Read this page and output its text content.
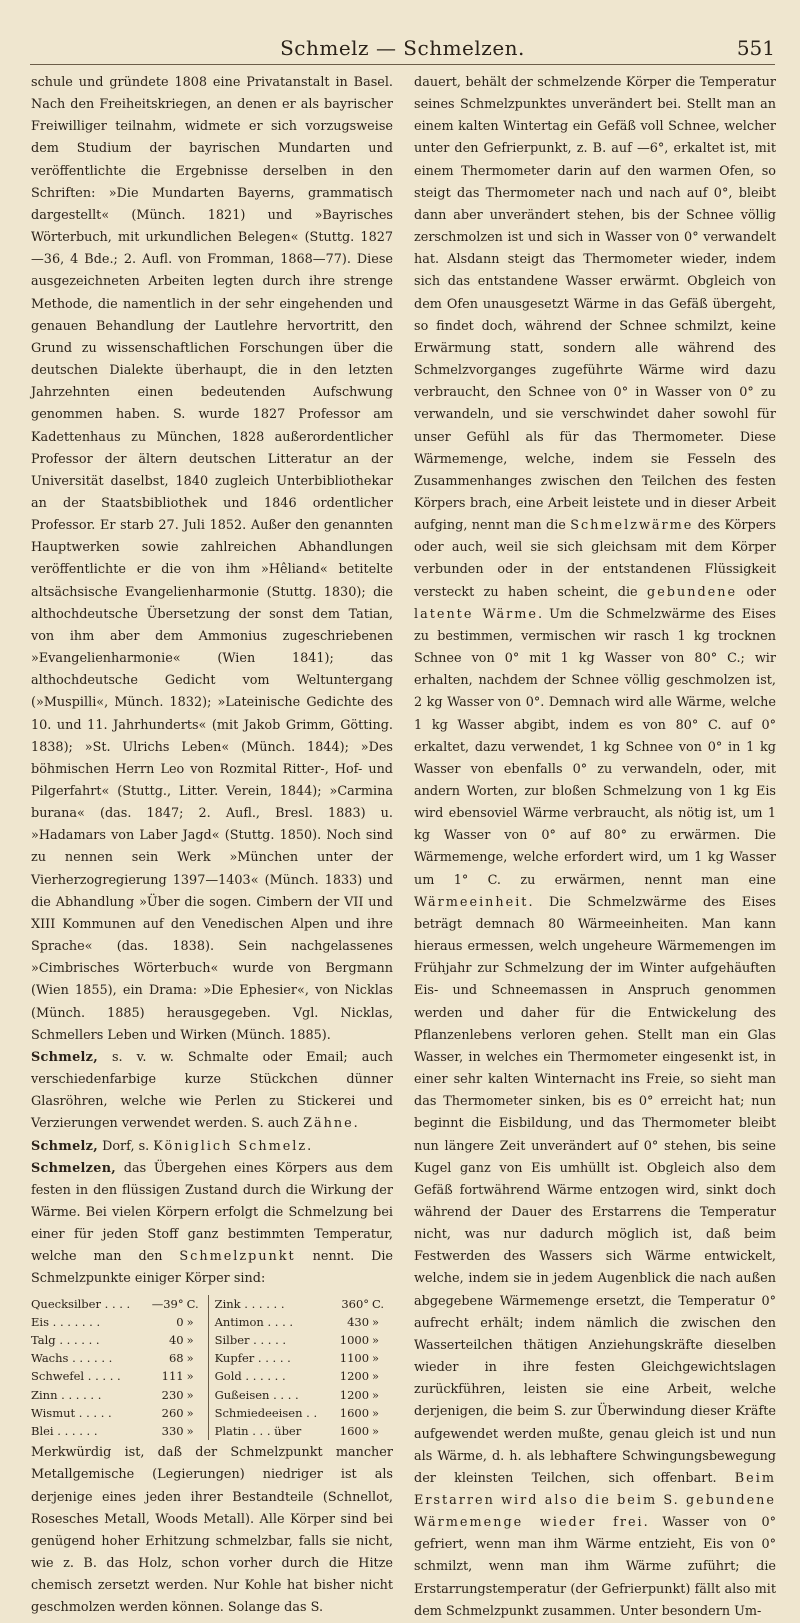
Schmelz — Schmelzen.	551

schule und gründete 1808 eine Privatanstalt in Basel. Nach den Freiheitskriegen, an denen er als bayrischer Freiwilliger teilnahm, widmete er sich vorzugsweise dem Studium der bayrischen Mundarten und veröffentlichte die Ergebnisse derselben in den Schriften: »Die Mundarten Bayerns, grammatisch dargestellt« (Münch. 1821) und »Bayrisches Wörterbuch, mit urkundlichen Belegen« (Stuttg. 1827—36, 4 Bde.; 2. Aufl. von Fromman, 1868—77). Diese ausgezeichneten Arbeiten legten durch ihre strenge Methode, die namentlich in der sehr eingehenden und genauen Behandlung der Lautlehre hervortritt, den Grund zu wissenschaftlichen Forschungen über die deutschen Dialekte überhaupt, die in den letzten Jahrzehnten einen bedeutenden Aufschwung genommen haben. S. wurde 1827 Professor am Kadettenhaus zu München, 1828 außerordentlicher Professor der ältern deutschen Litteratur an der Universität daselbst, 1840 zugleich Unterbibliothekar an der Staatsbibliothek und 1846 ordentlicher Professor. Er starb 27. Juli 1852. Außer den genannten Hauptwerken sowie zahlreichen Abhandlungen veröffentlichte er die von ihm »Hêliand« betitelte altsächsische Evangelienharmonie (Stuttg. 1830); die althochdeutsche Übersetzung der sonst dem Tatian, von ihm aber dem Ammonius zugeschriebenen »Evangelienharmonie« (Wien 1841); das althochdeutsche Gedicht vom Weltuntergang (»Muspilli«, Münch. 1832); »Lateinische Gedichte des 10. und 11. Jahrhunderts« (mit Jakob Grimm, Götting. 1838); »St. Ulrichs Leben« (Münch. 1844); »Des böhmischen Herrn Leo von Rozmital Ritter-, Hof- und Pilgerfahrt« (Stuttg., Litter. Verein, 1844); »Carmina burana« (das. 1847; 2. Aufl., Bresl. 1883) u. »Hadamars von Laber Jagd« (Stuttg. 1850). Noch sind zu nennen sein Werk »München unter der Vierherzogregierung 1397—1403« (Münch. 1833) und die Abhandlung »Über die sogen. Cimbern der VII und XIII Kommunen auf den Venedischen Alpen und ihre Sprache« (das. 1838). Sein nachgelassenes »Cimbrisches Wörterbuch« wurde von Bergmann (Wien 1855), ein Drama: »Die Ephesier«, von Nicklas (Münch. 1885) herausgegeben. Vgl. Nicklas, Schmellers Leben und Wirken (Münch. 1885).

Schmelz, s. v. w. Schmalte oder Email; auch verschiedenfarbige kurze Stückchen dünner Glasröhren, welche wie Perlen zu Stickerei und Verzierungen verwendet werden. S. auch Zähne.

Schmelz, Dorf, s. Königlich Schmelz.

Schmelzen, das Übergehen eines Körpers aus dem festen in den flüssigen Zustand durch die Wirkung der Wärme. Bei vielen Körpern erfolgt die Schmelzung bei einer für jeden Stoff ganz bestimmten Temperatur, welche man den Schmelzpunkt nennt. Die Schmelzpunkte einiger Körper sind:

Quecksilber . . . .	—39°	C.	Zink . . . . . .	360°	C.
Eis . . . . . . .	0	»	Antimon . . . .	430	»
Talg . . . . . .	40	»	Silber . . . . .	1000	»
Wachs . . . . . .	68	»	Kupfer . . . . .	1100	»
Schwefel . . . . .	111	»	Gold . . . . . .	1200	»
Zinn . . . . . .	230	»	Gußeisen . . . .	1200	»
Wismut . . . . .	260	»	Schmiedeeisen . .	1600	»
Blei . . . . . .	330	»	Platin . . . über	1600	»

Merkwürdig ist, daß der Schmelzpunkt mancher Metallgemische (Legierungen) niedriger ist als derjenige eines jeden ihrer Bestandteile (Schnellot, Rosesches Metall, Woods Metall). Alle Körper sind bei genügend hoher Erhitzung schmelzbar, falls sie nicht, wie z. B. das Holz, schon vorher durch die Hitze chemisch zersetzt werden. Nur Kohle hat bisher nicht geschmolzen werden können. Solange das S.

dauert, behält der schmelzende Körper die Temperatur seines Schmelzpunktes unverändert bei. Stellt man an einem kalten Wintertag ein Gefäß voll Schnee, welcher unter den Gefrierpunkt, z. B. auf —6°, erkaltet ist, mit einem Thermometer darin auf den warmen Ofen, so steigt das Thermometer nach und nach auf 0°, bleibt dann aber unverändert stehen, bis der Schnee völlig zerschmolzen ist und sich in Wasser von 0° verwandelt hat. Alsdann steigt das Thermometer wieder, indem sich das entstandene Wasser erwärmt. Obgleich von dem Ofen unausgesetzt Wärme in das Gefäß übergeht, so findet doch, während der Schnee schmilzt, keine Erwärmung statt, sondern alle während des Schmelzvorganges zugeführte Wärme wird dazu verbraucht, den Schnee von 0° in Wasser von 0° zu verwandeln, und sie verschwindet daher sowohl für unser Gefühl als für das Thermometer. Diese Wärmemenge, welche, indem sie Fesseln des Zusammenhanges zwischen den Teilchen des festen Körpers brach, eine Arbeit leistete und in dieser Arbeit aufging, nennt man die Schmelzwärme des Körpers oder auch, weil sie sich gleichsam mit dem Körper verbunden oder in der entstandenen Flüssigkeit versteckt zu haben scheint, die gebundene oder latente Wärme. Um die Schmelzwärme des Eises zu bestimmen, vermischen wir rasch 1 kg trocknen Schnee von 0° mit 1 kg Wasser von 80° C.; wir erhalten, nachdem der Schnee völlig geschmolzen ist, 2 kg Wasser von 0°. Demnach wird alle Wärme, welche 1 kg Wasser abgibt, indem es von 80° C. auf 0° erkaltet, dazu verwendet, 1 kg Schnee von 0° in 1 kg Wasser von ebenfalls 0° zu verwandeln, oder, mit andern Worten, zur bloßen Schmelzung von 1 kg Eis wird ebensoviel Wärme verbraucht, als nötig ist, um 1 kg Wasser von 0° auf 80° zu erwärmen. Die Wärmemenge, welche erfordert wird, um 1 kg Wasser um 1° C. zu erwärmen, nennt man eine Wärmeeinheit. Die Schmelzwärme des Eises beträgt demnach 80 Wärmeeinheiten. Man kann hieraus ermessen, welch ungeheure Wärmemengen im Frühjahr zur Schmelzung der im Winter aufgehäuften Eis- und Schneemassen in Anspruch genommen werden und daher für die Entwickelung des Pflanzenlebens verloren gehen. Stellt man ein Glas Wasser, in welches ein Thermometer eingesenkt ist, in einer sehr kalten Winternacht ins Freie, so sieht man das Thermometer sinken, bis es 0° erreicht hat; nun beginnt die Eisbildung, und das Thermometer bleibt nun längere Zeit unverändert auf 0° stehen, bis seine Kugel ganz von Eis umhüllt ist. Obgleich also dem Gefäß fortwährend Wärme entzogen wird, sinkt doch während der Dauer des Erstarrens die Temperatur nicht, was nur dadurch möglich ist, daß beim Festwerden des Wassers sich Wärme entwickelt, welche, indem sie in jedem Augenblick die nach außen abgegebene Wärmemenge ersetzt, die Temperatur 0° aufrecht erhält; indem nämlich die zwischen den Wasserteilchen thätigen Anziehungskräfte dieselben wieder in ihre festen Gleichgewichtslagen zurückführen, leisten sie eine Arbeit, welche derjenigen, die beim S. zur Überwindung dieser Kräfte aufgewendet werden mußte, genau gleich ist und nun als Wärme, d. h. als lebhaftere Schwingungsbewegung der kleinsten Teilchen, sich offenbart. Beim Erstarren wird also die beim S. gebundene Wärmemenge wieder frei. Wasser von 0° gefriert, wenn man ihm Wärme entzieht, Eis von 0° schmilzt, wenn man ihm Wärme zuführt; die Erstarrungstemperatur (der Gefrierpunkt) fällt also mit dem Schmelzpunkt zusammen. Unter besondern Um-
